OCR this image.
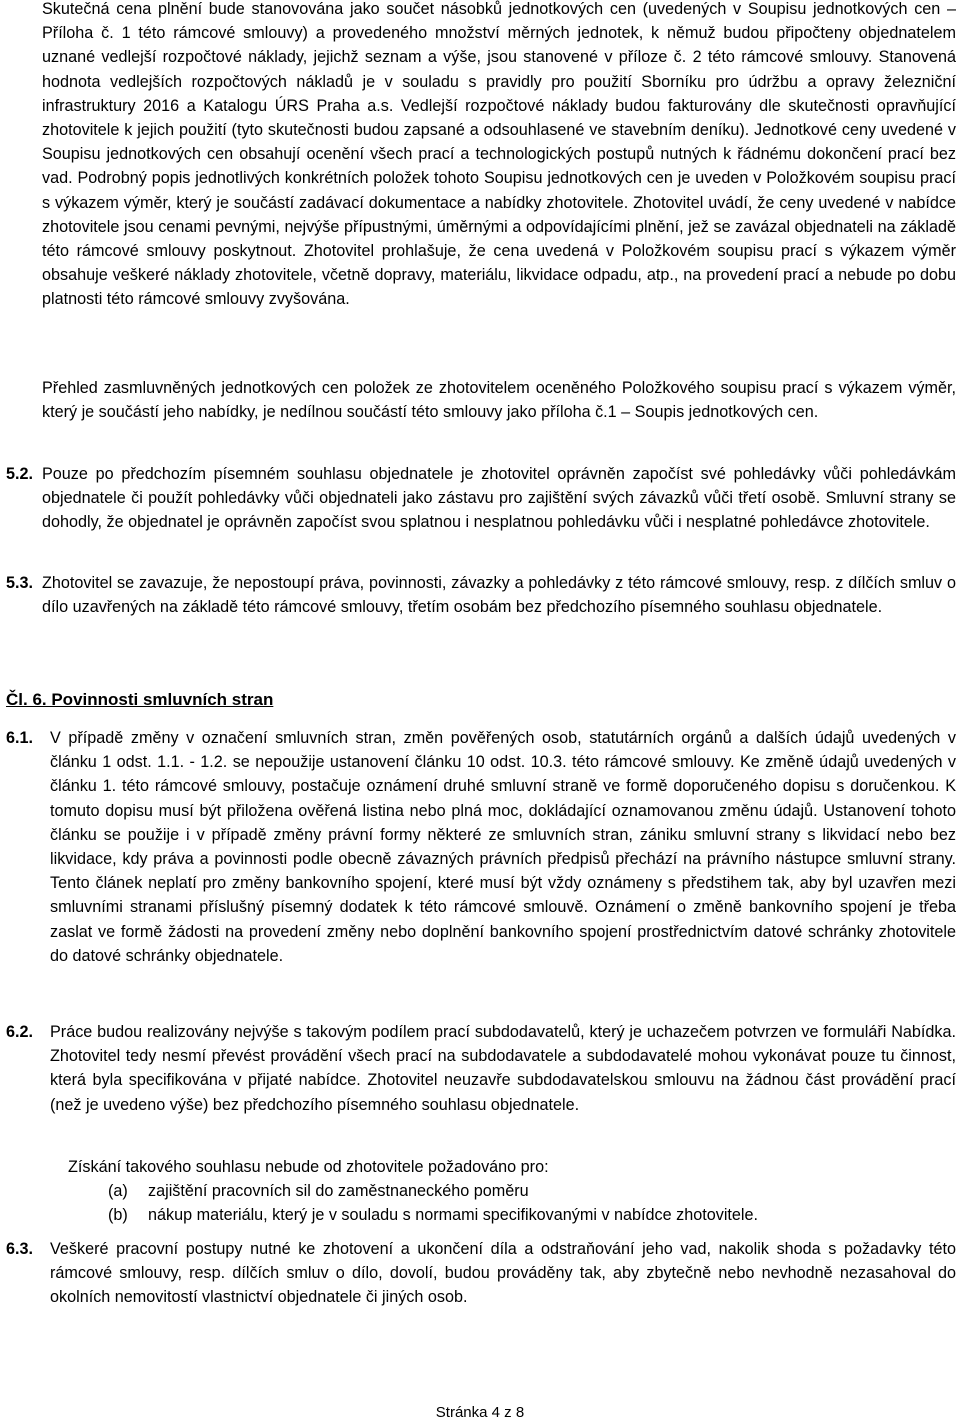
Skutečná cena plnění bude stanovována jako součet násobků jednotkových cen (uvedených v Soupisu jednotkových cen – Příloha č. 1 této rámcové smlouvy) a provedeného množství měrných jednotek, k němuž budou připočteny objednatelem uznané vedlejší rozpočtové náklady, jejichž seznam a výše, jsou stanovené v příloze č. 2 této rámcové smlouvy. Stanovená hodnota vedlejších rozpočtových nákladů je v souladu s pravidly pro použití Sborníku pro údržbu a opravy železniční infrastruktury 2016 a Katalogu ÚRS Praha a.s. Vedlejší rozpočtové náklady budou fakturovány dle skutečnosti opravňující zhotovitele k jejich použití (tyto skutečnosti budou zapsané a odsouhlasené ve stavebním deníku). Jednotkové ceny uvedené v Soupisu jednotkových cen obsahují ocenění všech prací a technologických postupů nutných k řádnému dokončení prací bez vad. Podrobný popis jednotlivých konkrétních položek tohoto Soupisu jednotkových cen je uveden v Položkovém soupisu prací s výkazem výměr, který je součástí zadávací dokumentace a nabídky zhotovitele. Zhotovitel uvádí, že ceny uvedené v nabídce zhotovitele jsou cenami pevnými, nejvýše přípustnými, úměrnými a odpovídajícími plnění, jež se zavázal objednateli na základě této rámcové smlouvy poskytnout. Zhotovitel prohlašuje, že cena uvedená v Položkovém soupisu prací s výkazem výměr obsahuje veškeré náklady zhotovitele, včetně dopravy, materiálu, likvidace odpadu, atp., na provedení prací a nebude po dobu platnosti této rámcové smlouvy zvyšována.
Přehled zasmluvněných jednotkových cen položek ze zhotovitelem oceněného Položkového soupisu prací s výkazem výměr, který je součástí jeho nabídky, je nedílnou součástí této smlouvy jako příloha č.1 – Soupis jednotkových cen.
5.2. Pouze po předchozím písemném souhlasu objednatele je zhotovitel oprávněn započíst své pohledávky vůči pohledávkám objednatele či použít pohledávky vůči objednateli jako zástavu pro zajištění svých závazků vůči třetí osobě. Smluvní strany se dohodly, že objednatel je oprávněn započíst svou splatnou i nesplatnou pohledávku vůči i nesplatné pohledávce zhotovitele.
5.3. Zhotovitel se zavazuje, že nepostoupí práva, povinnosti, závazky a pohledávky z této rámcové smlouvy, resp. z dílčích smluv o dílo uzavřených na základě této rámcové smlouvy, třetím osobám bez předchozího písemného souhlasu objednatele.
Čl. 6. Povinnosti smluvních stran
6.1. V případě změny v označení smluvních stran, změn pověřených osob, statutárních orgánů a dalších údajů uvedených v článku 1 odst. 1.1. - 1.2. se nepoužije ustanovení článku 10 odst. 10.3. této rámcové smlouvy. Ke změně údajů uvedených v článku 1. této rámcové smlouvy, postačuje oznámení druhé smluvní straně ve formě doporučeného dopisu s doručenkou. K tomuto dopisu musí být přiložena ověřená listina nebo plná moc, dokládající oznamovanou změnu údajů. Ustanovení tohoto článku se použije i v případě změny právní formy některé ze smluvních stran, zániku smluvní strany s likvidací nebo bez likvidace, kdy práva a povinnosti podle obecně závazných právních předpisů přechází na právního nástupce smluvní strany. Tento článek neplatí pro změny bankovního spojení, které musí být vždy oznámeny s předstihem tak, aby byl uzavřen mezi smluvními stranami příslušný písemný dodatek k této rámcové smlouvě. Oznámení o změně bankovního spojení je třeba zaslat ve formě žádosti na provedení změny nebo doplnění bankovního spojení prostřednictvím datové schránky zhotovitele do datové schránky objednatele.
6.2. Práce budou realizovány nejvýše s takovým podílem prací subdodavatelů, který je uchazečem potvrzen ve formuláři Nabídka. Zhotovitel tedy nesmí převést provádění všech prací na subdodavatele a subdodavatelé mohou vykonávat pouze tu činnost, která byla specifikována v přijaté nabídce. Zhotovitel neuzavře subdodavatelskou smlouvu na žádnou část provádění prací (než je uvedeno výše) bez předchozího písemného souhlasu objednatele.
Získání takového souhlasu nebude od zhotovitele požadováno pro:
(a) zajištění pracovních sil do zaměstnaneckého poměru
(b) nákup materiálu, který je v souladu s normami specifikovanými v nabídce zhotovitele.
6.3. Veškeré pracovní postupy nutné ke zhotovení a ukončení díla a odstraňování jeho vad, nakolik shoda s požadavky této rámcové smlouvy, resp. dílčích smluv o dílo, dovolí, budou prováděny tak, aby zbytečně nebo nevhodně nezasahoval do okolních nemovitostí vlastnictví objednatele či jiných osob.
Stránka 4 z 8
